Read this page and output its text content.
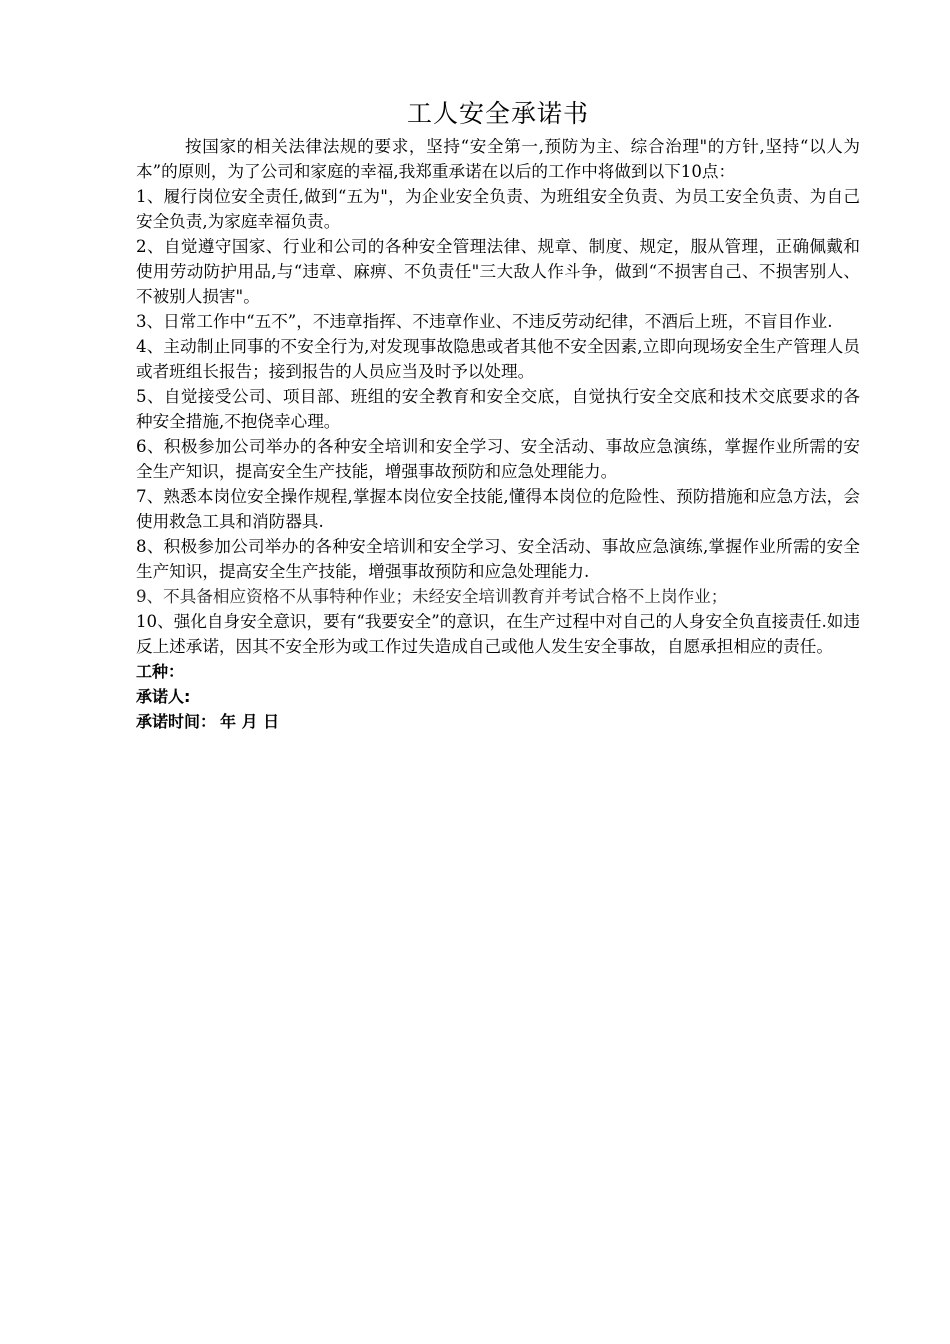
工人安全承诺书

按国家的相关法律法规的要求，坚持“安全第一,预防为主、综合治理"的方针,坚持“以人为本”的原则，为了公司和家庭的幸福,我郑重承诺在以后的工作中将做到以下10点：

1、履行岗位安全责任,做到“五为"，为企业安全负责、为班组安全负责、为员工安全负责、为自己安全负责,为家庭幸福负责。

2、自觉遵守国家、行业和公司的各种安全管理法律、规章、制度、规定，服从管理，正确佩戴和使用劳动防护用品,与“违章、麻痹、不负责任"三大敌人作斗争，做到“不损害自己、不损害别人、不被别人损害"。

3、日常工作中“五不”，不违章指挥、不违章作业、不违反劳动纪律，不酒后上班，不盲目作业.

4、主动制止同事的不安全行为,对发现事故隐患或者其他不安全因素,立即向现场安全生产管理人员或者班组长报告；接到报告的人员应当及时予以处理。

5、自觉接受公司、项目部、班组的安全教育和安全交底，自觉执行安全交底和技术交底要求的各种安全措施,不抱侥幸心理。

6、积极参加公司举办的各种安全培训和安全学习、安全活动、事故应急演练，掌握作业所需的安全生产知识，提高安全生产技能，增强事故预防和应急处理能力。

7、熟悉本岗位安全操作规程,掌握本岗位安全技能,懂得本岗位的危险性、预防措施和应急方法，会使用救急工具和消防器具.

8、积极参加公司举办的各种安全培训和安全学习、安全活动、事故应急演练,掌握作业所需的安全生产知识，提高安全生产技能，增强事故预防和应急处理能力.

9、不具备相应资格不从事特种作业；未经安全培训教育并考试合格不上岗作业；

10、强化自身安全意识，要有“我要安全”的意识，在生产过程中对自己的人身安全负直接责任.如违反上述承诺，因其不安全形为或工作过失造成自己或他人发生安全事故，自愿承担相应的责任。

工种：

承诺人:

承诺时间： 年 月 日
